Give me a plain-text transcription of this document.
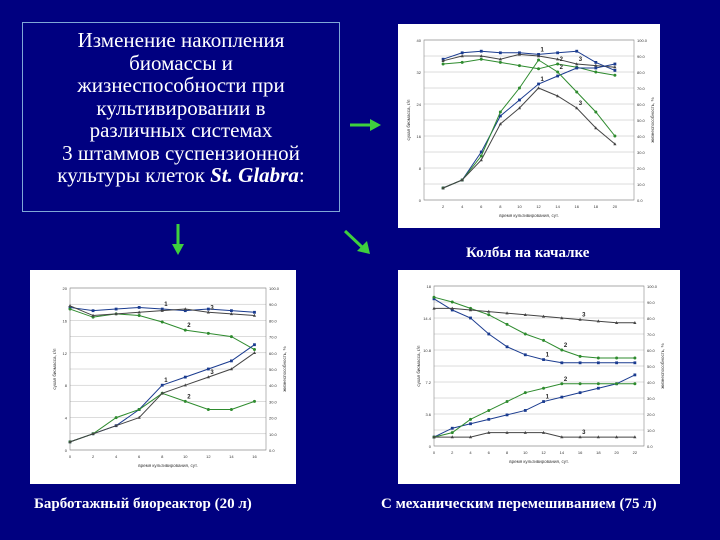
Изменение накопления
биомассы и
жизнеспособности при
культивировании в
различных системах
3 штаммов суспензионной
культуры клеток St. Glabra:
0
8
16
24
32
40
0.0
10.0
20.0
30.0
40.0
50.0
60.0
70.0
80.0
90.0
100.0
2	4	6	8	10	12	14	16	18	20
время культивирования, сут.
сухая биомасса, г/л	жизнеспособность, %
1
2	3
1
2
3
0
4
8
12
16
20
0.0
10.0
20.0
30.0
40.0
50.0
60.0
70.0
80.0
90.0
100.0
0	2	4	6	8	10	12	14	16
время культивирования, сут.
сухая биомасса, г/л	жизнеспособность, %
1
2
3
1
2
3
0
3.6
7.2
10.8
14.4
18
0.0
10.0
20.0
30.0
40.0
50.0
60.0
70.0
80.0
90.0
100.0
0	2	4	6	8	10	12	14	16	18	20	22
время культивирования, сут.
сухая биомасса, г/л	жизнеспособность, %
1
2
3
1
2
3
Колбы на качалке
Барботажный биореактор (20 л)	С механическим перемешиванием (75 л)
